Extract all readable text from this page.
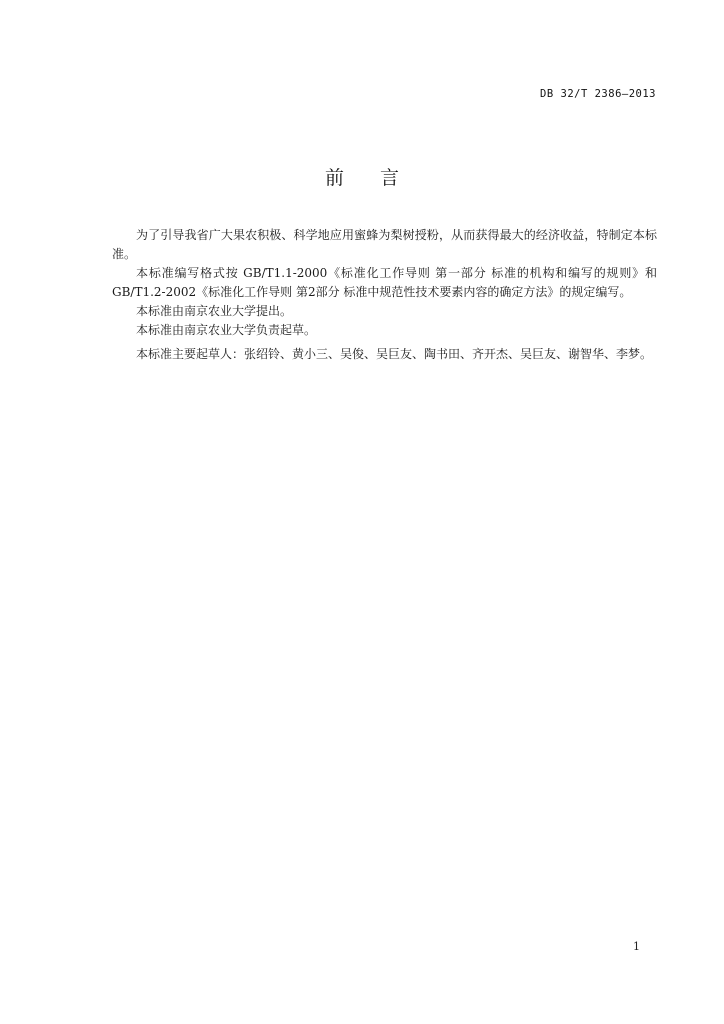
DB 32/T 2386—2013
前 言

为了引导我省广大果农积极、科学地应用蜜蜂为梨树授粉，从而获得最大的经济收益，特制定本标准。

本标准编写格式按 GB/T1.1-2000《标准化工作导则 第一部分 标准的机构和编写的规则》和GB/T1.2-2002《标准化工作导则 第2部分 标准中规范性技术要素内容的确定方法》的规定编写。

本标准由南京农业大学提出。

本标准由南京农业大学负责起草。

本标准主要起草人：张绍铃、黄小三、吴俊、吴巨友、陶书田、齐开杰、吴巨友、谢智华、李梦。

1
